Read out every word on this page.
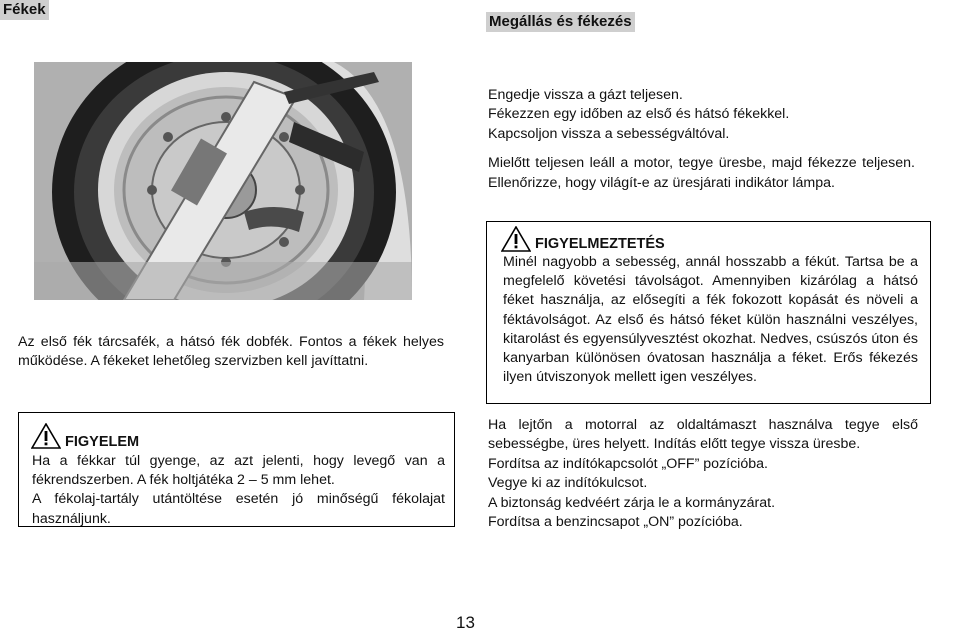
Fékek
Megállás és fékezés

Az első fék tárcsafék, a hátsó fék dobfék. Fontos a fékek helyes működése. A fékeket lehetőleg szervizben kell javíttatni.

FIGYELEM
Ha a fékkar túl gyenge, az azt jelenti, hogy levegő van a fékrendszerben. A fék holtjátéka 2 – 5 mm lehet.
A fékolaj-tartály utántöltése esetén jó minőségű fékolajat használjunk.

Engedje vissza a gázt teljesen.

Fékezzen egy időben az első és hátsó fékekkel.

Kapcsoljon vissza a sebességváltóval.

Mielőtt teljesen leáll a motor, tegye üresbe, majd fékezze teljesen. Ellenőrizze, hogy világít-e az üresjárati indikátor lámpa.

FIGYELMEZTETÉS
Minél nagyobb a sebesség, annál hosszabb a fékút. Tartsa be a megfelelő követési távolságot. Amennyiben kizárólag a hátsó féket használja, az elősegíti a fék fokozott kopását és növeli a féktávolságot. Az első és hátsó féket külön használni veszélyes, kitarolást és egyensúlyvesztést okozhat. Nedves, csúszós úton és kanyarban különösen óvatosan használja a féket. Erős fékezés ilyen útviszonyok mellett igen veszélyes.

Ha lejtőn a motorral az oldaltámaszt használva tegye első sebességbe, üres helyett. Indítás előtt tegye vissza üresbe.

Fordítsa az indítókapcsolót „OFF” pozícióba.

Vegye ki az indítókulcsot.

A biztonság kedvéért zárja le a kormányzárat.

Fordítsa a benzincsapot „ON” pozícióba.

13
